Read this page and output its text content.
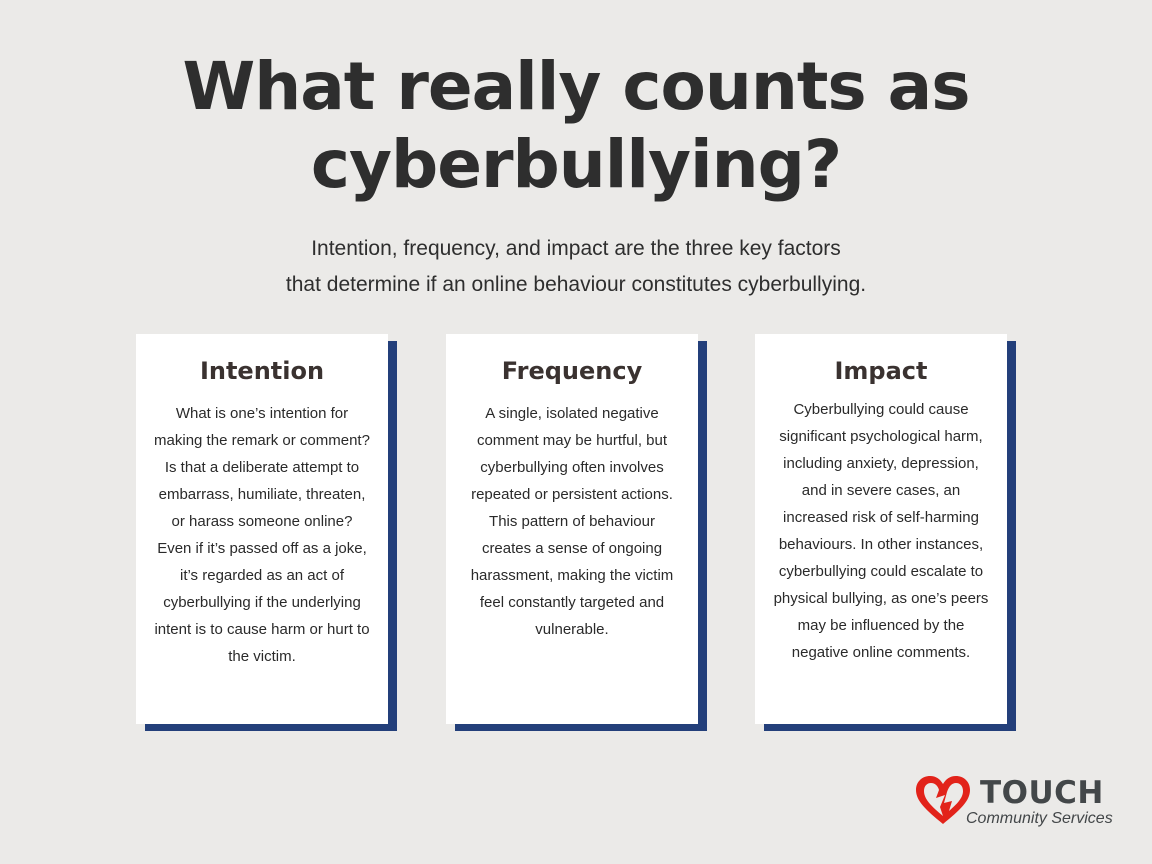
What really counts as
cyberbullying?

Intention, frequency, and impact are the three key factors
that determine if an online behaviour constitutes cyberbullying.

Intention

What is one’s intention for making the remark or comment? Is that a deliberate attempt to embarrass, humiliate, threaten, or harass someone online? Even if it’s passed off as a joke, it’s regarded as an act of cyberbullying if the underlying intent is to cause harm or hurt to the victim.

Frequency

A single, isolated negative comment may be hurtful, but cyberbullying often involves repeated or persistent actions. This pattern of behaviour creates a sense of ongoing harassment, making the victim feel constantly targeted and vulnerable.

Impact

Cyberbullying could cause significant psychological harm, including anxiety, depression, and in severe cases, an increased risk of self-harming behaviours. In other instances, cyberbullying could escalate to physical bullying, as one’s peers may be influenced by the negative online comments.

TOUCH
Community Services
